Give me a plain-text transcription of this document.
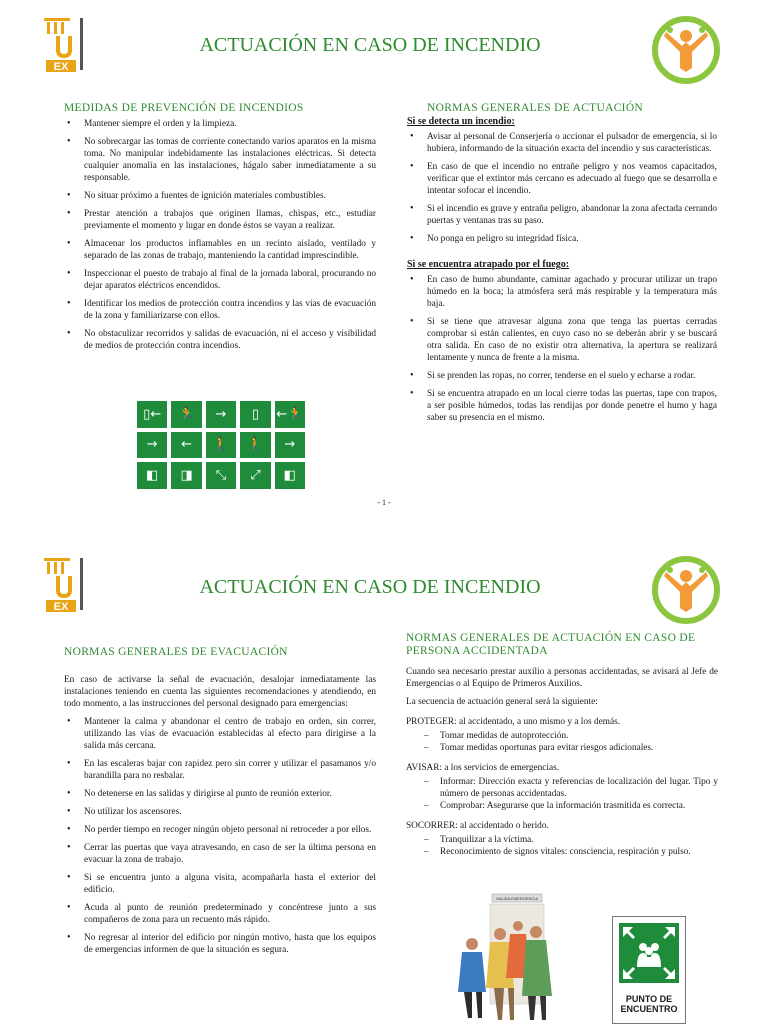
EX
ACTUACIÓN EN CASO DE INCENDIO
MEDIDAS DE PREVENCIÓN DE INCENDIOS
• Mantener siempre el orden y la limpieza.
• No sobrecargar las tomas de corriente conectando varios aparatos en la misma toma. No manipular indebidamente las instalaciones eléctricas. Si detecta cualquier anomalía en las instalaciones, hágalo saber inmediatamente a su responsable.
• No situar próximo a fuentes de ignición materiales combustibles.
• Prestar atención a trabajos que originen llamas, chispas, etc., estudiar previamente el momento y lugar en donde éstos se vayan a realizar.
• Almacenar los productos inflamables en un recinto aislado, ventilado y separado de las zonas de trabajo, manteniendo la cantidad imprescindible.
• Inspeccionar el puesto de trabajo al final de la jornada laboral, procurando no dejar aparatos eléctricos encendidos.
• Identificar los medios de protección contra incendios y las vías de evacuación de la zona y familiarizarse con ellos.
• No obstaculizar recorridos y salidas de evacuación, ni el acceso y visibilidad de medios de protección contra incendios.
▯←	🏃	→	▯	←🏃
→	←	🚶	🚶	→
◧	◨	⤡	⤢	◧
NORMAS GENERALES DE ACTUACIÓN
Si se detecta un incendio:
• Avisar al personal de Conserjería o accionar el pulsador de emergencia, si lo hubiera, informando de la situación exacta del incendio y sus características.
• En caso de que el incendio no entrañe peligro y nos veamos capacitados, verificar que el extintor más cercano es adecuado al fuego que se desarrolla e intentar sofocar el incendio.
• Si el incendio es grave y entraña peligro, abandonar la zona afectada cerrando puertas y ventanas tras su paso.
• No ponga en peligro su integridad física.
Si se encuentra atrapado por el fuego:
• En caso de humo abundante, caminar agachado y procurar utilizar un trapo húmedo en la boca; la atmósfera será más respirable y la temperatura más baja.
• Si se tiene que atravesar alguna zona que tenga las puertas cerradas comprobar si están calientes, en cuyo caso no se deberán abrir y se buscará otra salida. En caso de no existir otra alternativa, la apertura se realizará lentamente y nunca de frente a la misma.
• Si se prenden las ropas, no correr, tenderse en el suelo y echarse a rodar.
• Si se encuentra atrapado en un local cierre todas las puertas, tape con trapos, a ser posible húmedos, todas las rendijas por donde penetre el humo y haga saber su presencia en el mismo.
- 1 -
EX
ACTUACIÓN EN CASO DE INCENDIO
NORMAS GENERALES DE EVACUACIÓN

En caso de activarse la señal de evacuación, desalojar inmediatamente las instalaciones teniendo en cuenta las siguientes recomendaciones y atendiendo, en todo momento, a las instrucciones del personal designado para emergencias:

• Mantener la calma y abandonar el centro de trabajo en orden, sin correr, utilizando las vías de evacuación establecidas al efecto para dirigirse a la salida más cercana.
• En las escaleras bajar con rapidez pero sin correr y utilizar el pasamanos y/o barandilla para no resbalar.
• No detenerse en las salidas y dirigirse al punto de reunión exterior.
• No utilizar los ascensores.
• No perder tiempo en recoger ningún objeto personal ni retroceder a por ellos.
• Cerrar las puertas que vaya atravesando, en caso de ser la última persona en evacuar la zona de trabajo.
• Si se encuentra junto a alguna visita, acompañarla hasta el exterior del edificio.
• Acuda al punto de reunión predeterminado y concéntrese junto a sus compañeros de zona para un recuento más rápido.
• No regresar al interior del edificio por ningún motivo, hasta que los equipos de emergencias informen de que la situación es segura.
NORMAS GENERALES DE ACTUACIÓN EN CASO DE PERSONA ACCIDENTADA

Cuando sea necesario prestar auxilio a personas accidentadas, se avisará al Jefe de Emergencias o al Equipo de Primeros Auxilios.

La secuencia de actuación general será la siguiente:

PROTEGER: al accidentado, a uno mismo y a los demás.

– Tomar medidas de autoprotección.
– Tomar medidas oportunas para evitar riesgos adicionales.

AVISAR: a los servicios de emergencias.

– Informar: Dirección exacta y referencias de localización del lugar. Tipo y número de personas accidentadas.
– Comprobar: Asegurarse que la información trasmitida es correcta.

SOCORRER: al accidentado o herido.

– Tranquilizar a la víctima.
– Reconocimiento de signos vitales: consciencia, respiración y pulso.
SALIDA EMERGENCIA
PUNTO DE ENCUENTRO
